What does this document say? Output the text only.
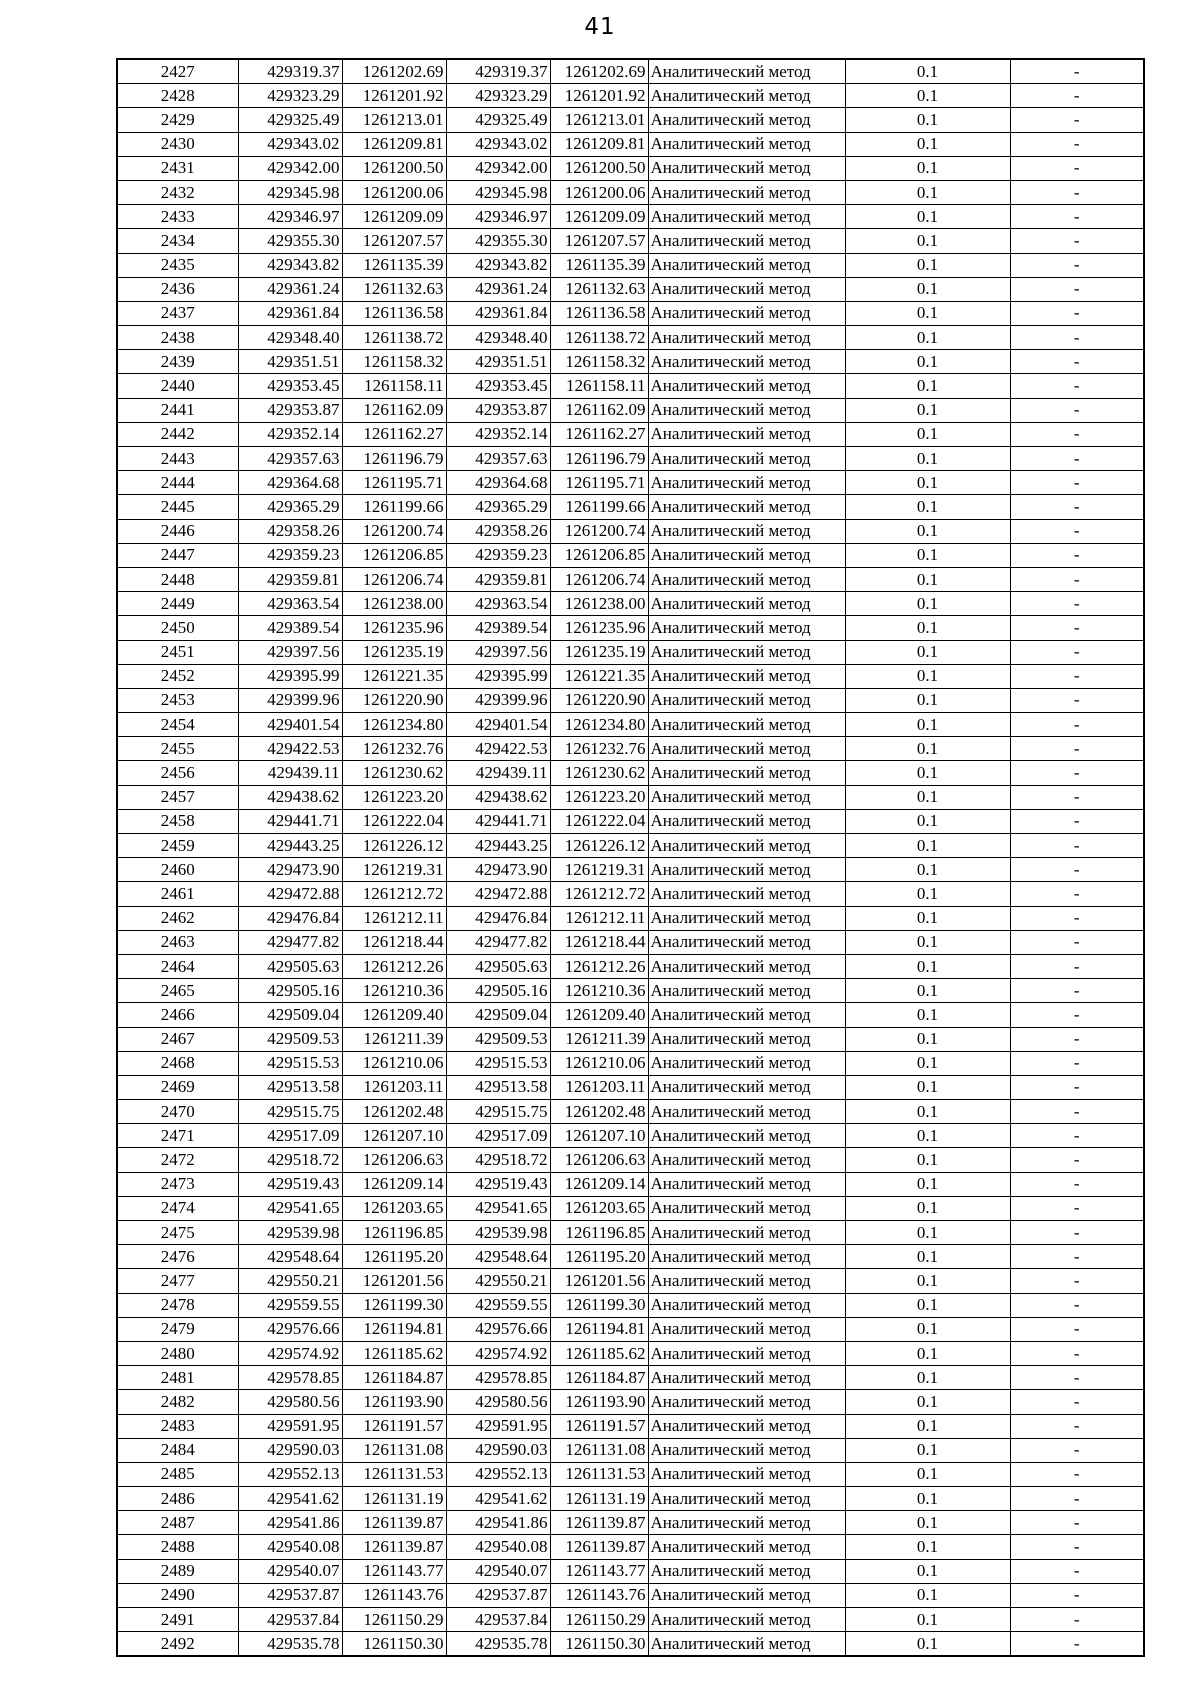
41
2427	429319.37	1261202.69	429319.37	1261202.69	Аналитический метод	0.1	-
2428	429323.29	1261201.92	429323.29	1261201.92	Аналитический метод	0.1	-
2429	429325.49	1261213.01	429325.49	1261213.01	Аналитический метод	0.1	-
2430	429343.02	1261209.81	429343.02	1261209.81	Аналитический метод	0.1	-
2431	429342.00	1261200.50	429342.00	1261200.50	Аналитический метод	0.1	-
2432	429345.98	1261200.06	429345.98	1261200.06	Аналитический метод	0.1	-
2433	429346.97	1261209.09	429346.97	1261209.09	Аналитический метод	0.1	-
2434	429355.30	1261207.57	429355.30	1261207.57	Аналитический метод	0.1	-
2435	429343.82	1261135.39	429343.82	1261135.39	Аналитический метод	0.1	-
2436	429361.24	1261132.63	429361.24	1261132.63	Аналитический метод	0.1	-
2437	429361.84	1261136.58	429361.84	1261136.58	Аналитический метод	0.1	-
2438	429348.40	1261138.72	429348.40	1261138.72	Аналитический метод	0.1	-
2439	429351.51	1261158.32	429351.51	1261158.32	Аналитический метод	0.1	-
2440	429353.45	1261158.11	429353.45	1261158.11	Аналитический метод	0.1	-
2441	429353.87	1261162.09	429353.87	1261162.09	Аналитический метод	0.1	-
2442	429352.14	1261162.27	429352.14	1261162.27	Аналитический метод	0.1	-
2443	429357.63	1261196.79	429357.63	1261196.79	Аналитический метод	0.1	-
2444	429364.68	1261195.71	429364.68	1261195.71	Аналитический метод	0.1	-
2445	429365.29	1261199.66	429365.29	1261199.66	Аналитический метод	0.1	-
2446	429358.26	1261200.74	429358.26	1261200.74	Аналитический метод	0.1	-
2447	429359.23	1261206.85	429359.23	1261206.85	Аналитический метод	0.1	-
2448	429359.81	1261206.74	429359.81	1261206.74	Аналитический метод	0.1	-
2449	429363.54	1261238.00	429363.54	1261238.00	Аналитический метод	0.1	-
2450	429389.54	1261235.96	429389.54	1261235.96	Аналитический метод	0.1	-
2451	429397.56	1261235.19	429397.56	1261235.19	Аналитический метод	0.1	-
2452	429395.99	1261221.35	429395.99	1261221.35	Аналитический метод	0.1	-
2453	429399.96	1261220.90	429399.96	1261220.90	Аналитический метод	0.1	-
2454	429401.54	1261234.80	429401.54	1261234.80	Аналитический метод	0.1	-
2455	429422.53	1261232.76	429422.53	1261232.76	Аналитический метод	0.1	-
2456	429439.11	1261230.62	429439.11	1261230.62	Аналитический метод	0.1	-
2457	429438.62	1261223.20	429438.62	1261223.20	Аналитический метод	0.1	-
2458	429441.71	1261222.04	429441.71	1261222.04	Аналитический метод	0.1	-
2459	429443.25	1261226.12	429443.25	1261226.12	Аналитический метод	0.1	-
2460	429473.90	1261219.31	429473.90	1261219.31	Аналитический метод	0.1	-
2461	429472.88	1261212.72	429472.88	1261212.72	Аналитический метод	0.1	-
2462	429476.84	1261212.11	429476.84	1261212.11	Аналитический метод	0.1	-
2463	429477.82	1261218.44	429477.82	1261218.44	Аналитический метод	0.1	-
2464	429505.63	1261212.26	429505.63	1261212.26	Аналитический метод	0.1	-
2465	429505.16	1261210.36	429505.16	1261210.36	Аналитический метод	0.1	-
2466	429509.04	1261209.40	429509.04	1261209.40	Аналитический метод	0.1	-
2467	429509.53	1261211.39	429509.53	1261211.39	Аналитический метод	0.1	-
2468	429515.53	1261210.06	429515.53	1261210.06	Аналитический метод	0.1	-
2469	429513.58	1261203.11	429513.58	1261203.11	Аналитический метод	0.1	-
2470	429515.75	1261202.48	429515.75	1261202.48	Аналитический метод	0.1	-
2471	429517.09	1261207.10	429517.09	1261207.10	Аналитический метод	0.1	-
2472	429518.72	1261206.63	429518.72	1261206.63	Аналитический метод	0.1	-
2473	429519.43	1261209.14	429519.43	1261209.14	Аналитический метод	0.1	-
2474	429541.65	1261203.65	429541.65	1261203.65	Аналитический метод	0.1	-
2475	429539.98	1261196.85	429539.98	1261196.85	Аналитический метод	0.1	-
2476	429548.64	1261195.20	429548.64	1261195.20	Аналитический метод	0.1	-
2477	429550.21	1261201.56	429550.21	1261201.56	Аналитический метод	0.1	-
2478	429559.55	1261199.30	429559.55	1261199.30	Аналитический метод	0.1	-
2479	429576.66	1261194.81	429576.66	1261194.81	Аналитический метод	0.1	-
2480	429574.92	1261185.62	429574.92	1261185.62	Аналитический метод	0.1	-
2481	429578.85	1261184.87	429578.85	1261184.87	Аналитический метод	0.1	-
2482	429580.56	1261193.90	429580.56	1261193.90	Аналитический метод	0.1	-
2483	429591.95	1261191.57	429591.95	1261191.57	Аналитический метод	0.1	-
2484	429590.03	1261131.08	429590.03	1261131.08	Аналитический метод	0.1	-
2485	429552.13	1261131.53	429552.13	1261131.53	Аналитический метод	0.1	-
2486	429541.62	1261131.19	429541.62	1261131.19	Аналитический метод	0.1	-
2487	429541.86	1261139.87	429541.86	1261139.87	Аналитический метод	0.1	-
2488	429540.08	1261139.87	429540.08	1261139.87	Аналитический метод	0.1	-
2489	429540.07	1261143.77	429540.07	1261143.77	Аналитический метод	0.1	-
2490	429537.87	1261143.76	429537.87	1261143.76	Аналитический метод	0.1	-
2491	429537.84	1261150.29	429537.84	1261150.29	Аналитический метод	0.1	-
2492	429535.78	1261150.30	429535.78	1261150.30	Аналитический метод	0.1	-
